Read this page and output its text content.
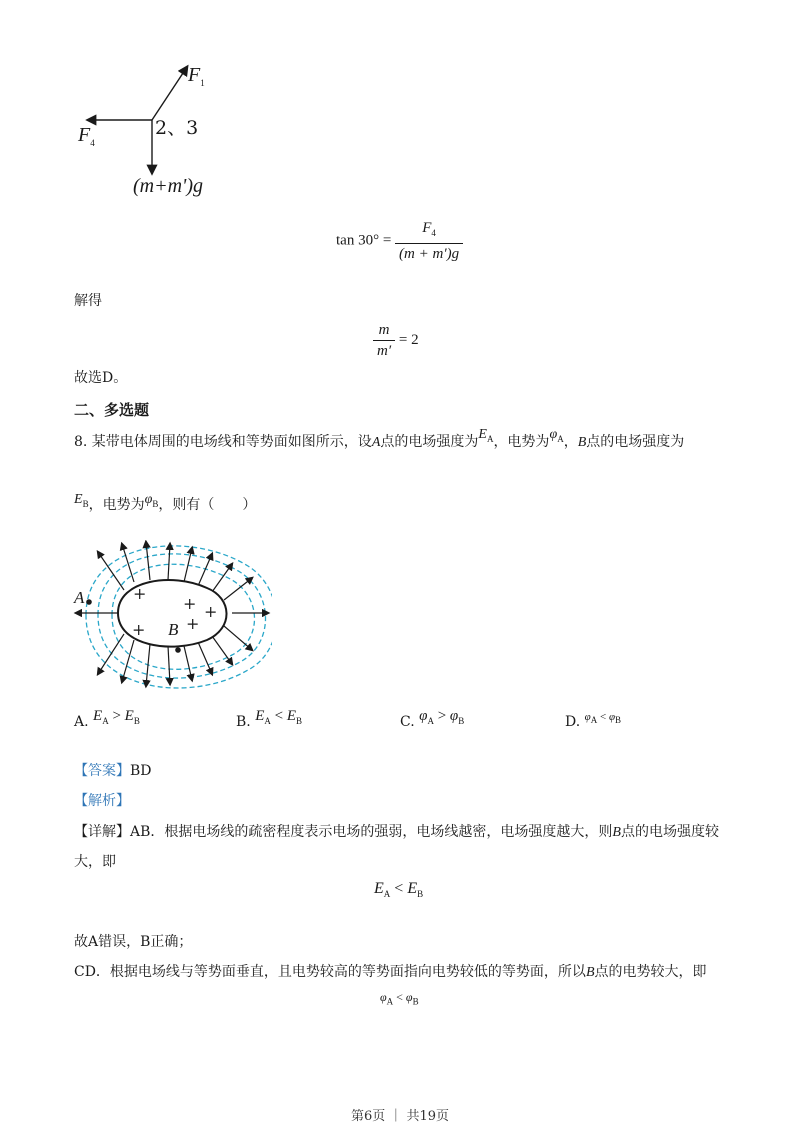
$F_1$
$F_4$
2、3
(m+m')g
$\tan 30^\circ = \frac{F_4}{(m + m')g}$
解得
$\frac{m}{m'} = 2$
故选D。
二、多选题
8. 某带电体周围的电场线和等势面如图所示，设A点的电场强度为$E_A$，电势为$\varphi_A$，B点的电场强度为
$E_B$，电势为$\varphi_B$，则有（　　）
A
B
+
+ +
+	+
A. $E_A > E_B$	B. $E_A < E_B$	C. $\varphi_A > \varphi_B$	D. $^{\varphi_A < \varphi_B}$
【答案】BD
【解析】
【详解】AB．根据电场线的疏密程度表示电场的强弱，电场线越密，电场强度越大，则B点的电场强度较
大，即
$E_A < E_B$
故A错误，B正确；
CD．根据电场线与等势面垂直，且电势较高的等势面指向电势较低的等势面，所以B点的电势较大，即
$\varphi_A < \varphi_B$
第6页 ｜ 共19页
